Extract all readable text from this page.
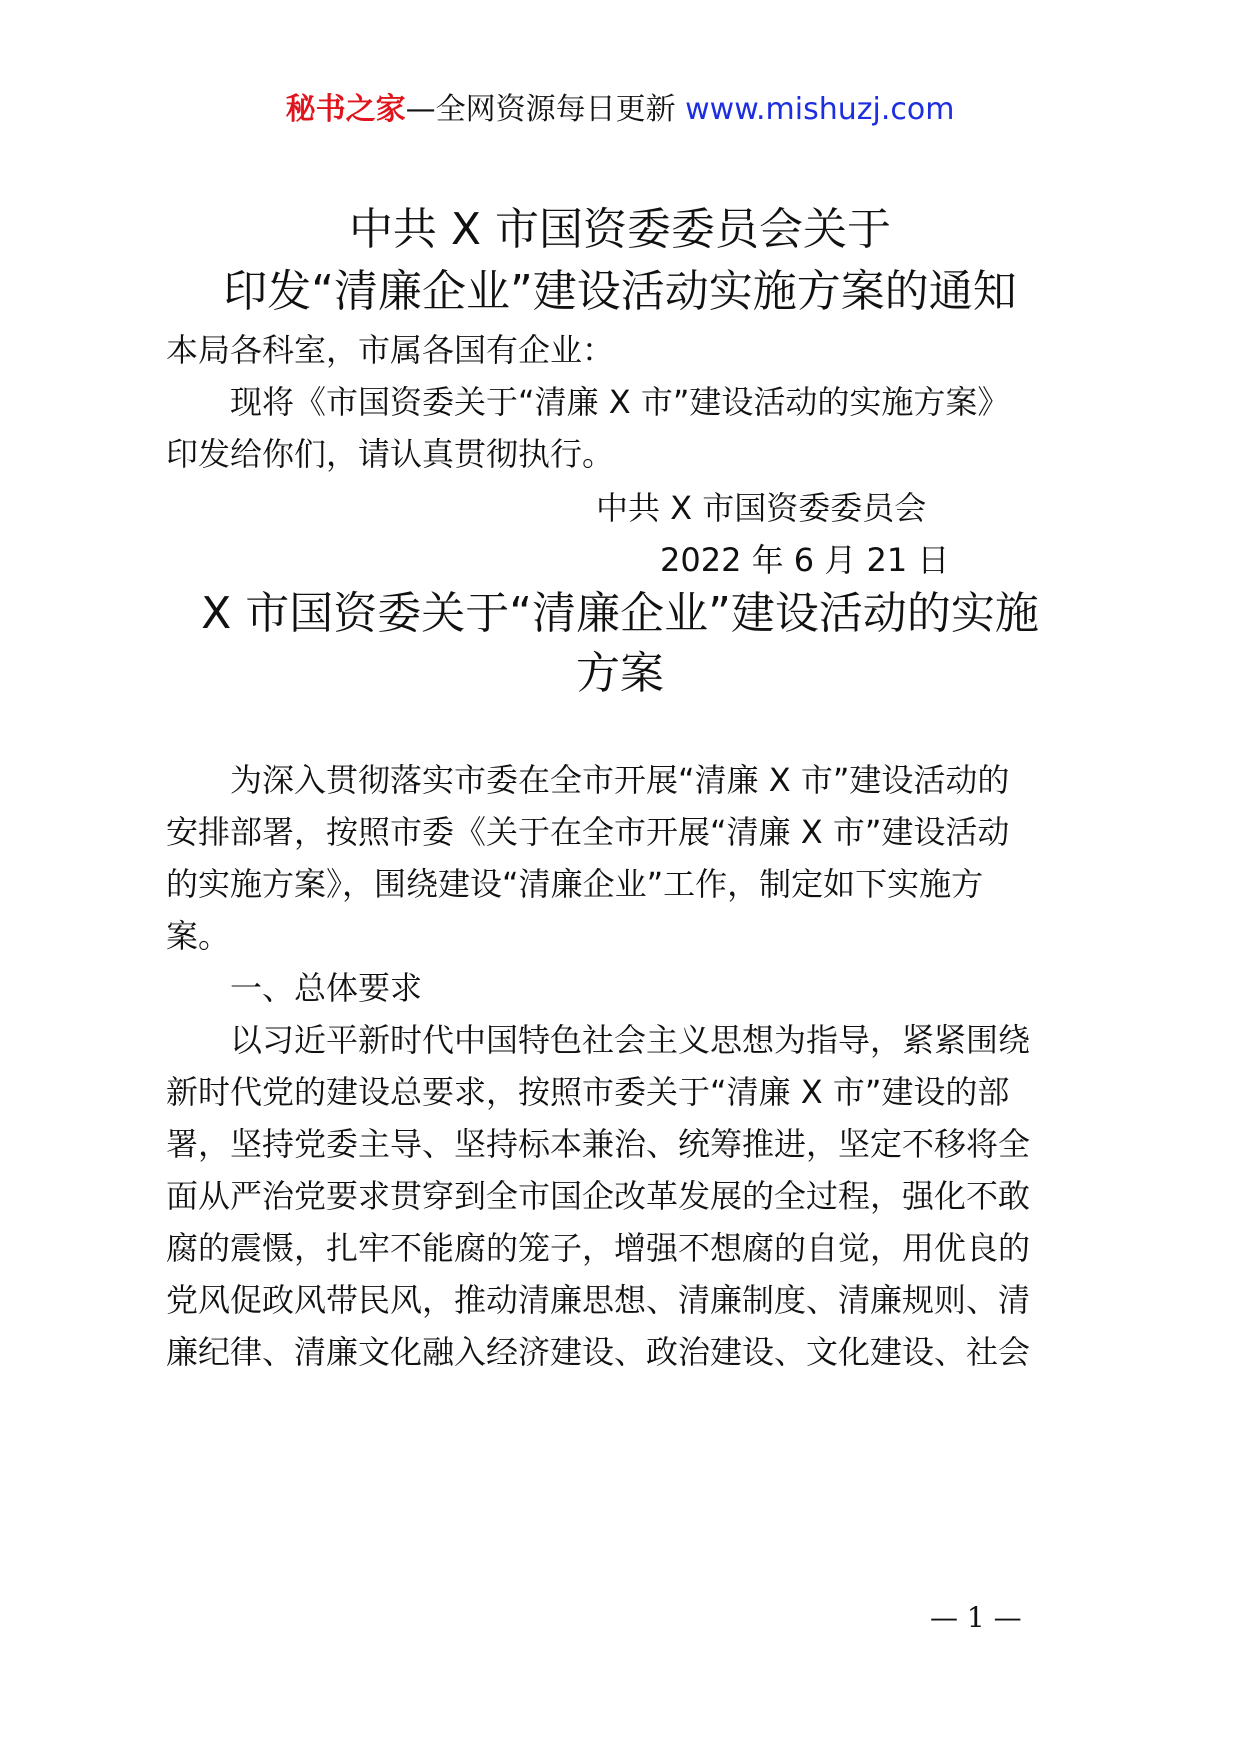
秘书之家—全网资源每日更新 www.mishuzj.com
中共 X 市国资委委员会关于
印发“清廉企业”建设活动实施方案的通知
本局各科室，市属各国有企业：
现将《市国资委关于“清廉 X 市”建设活动的实施方案》
印发给你们，请认真贯彻执行。
中共 X 市国资委委员会
2022 年 6 月 21 日
X 市国资委关于“清廉企业”建设活动的实施
方案
为深入贯彻落实市委在全市开展“清廉 X 市”建设活动的
安排部署，按照市委《关于在全市开展“清廉 X 市”建设活动
的实施方案》，围绕建设“清廉企业”工作，制定如下实施方
案。
一、总体要求
以习近平新时代中国特色社会主义思想为指导，紧紧围绕
新时代党的建设总要求，按照市委关于“清廉 X 市”建设的部
署，坚持党委主导、坚持标本兼治、统筹推进，坚定不移将全
面从严治党要求贯穿到全市国企改革发展的全过程，强化不敢
腐的震慑，扎牢不能腐的笼子，增强不想腐的自觉，用优良的
党风促政风带民风，推动清廉思想、清廉制度、清廉规则、清
廉纪律、清廉文化融入经济建设、政治建设、文化建设、社会
— 1 —
